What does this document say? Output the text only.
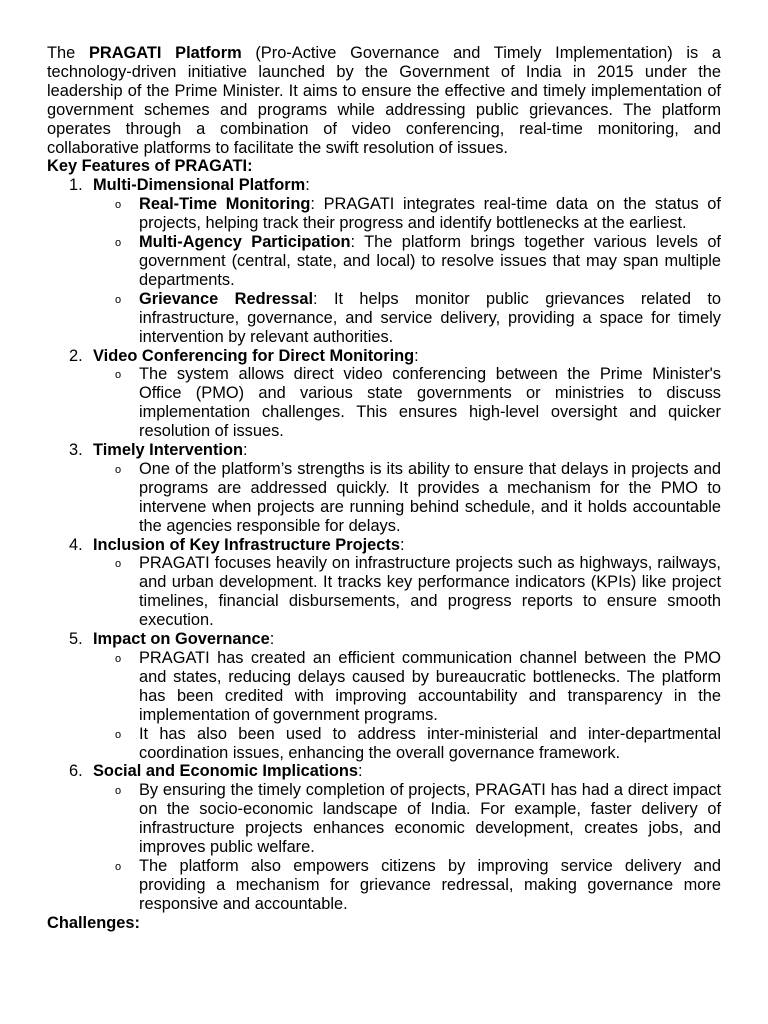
The PRAGATI Platform (Pro-Active Governance and Timely Implementation) is a technology-driven initiative launched by the Government of India in 2015 under the leadership of the Prime Minister. It aims to ensure the effective and timely implementation of government schemes and programs while addressing public grievances. The platform operates through a combination of video conferencing, real-time monitoring, and collaborative platforms to facilitate the swift resolution of issues.

Key Features of PRAGATI:

1. Multi-Dimensional Platform:
o Real-Time Monitoring: PRAGATI integrates real-time data on the status of projects, helping track their progress and identify bottlenecks at the earliest.
o Multi-Agency Participation: The platform brings together various levels of government (central, state, and local) to resolve issues that may span multiple departments.
o Grievance Redressal: It helps monitor public grievances related to infrastructure, governance, and service delivery, providing a space for timely intervention by relevant authorities.
2. Video Conferencing for Direct Monitoring:
o The system allows direct video conferencing between the Prime Minister's Office (PMO) and various state governments or ministries to discuss implementation challenges. This ensures high-level oversight and quicker resolution of issues.
3. Timely Intervention:
o One of the platform’s strengths is its ability to ensure that delays in projects and programs are addressed quickly. It provides a mechanism for the PMO to intervene when projects are running behind schedule, and it holds accountable the agencies responsible for delays.
4. Inclusion of Key Infrastructure Projects:
o PRAGATI focuses heavily on infrastructure projects such as highways, railways, and urban development. It tracks key performance indicators (KPIs) like project timelines, financial disbursements, and progress reports to ensure smooth execution.
5. Impact on Governance:
o PRAGATI has created an efficient communication channel between the PMO and states, reducing delays caused by bureaucratic bottlenecks. The platform has been credited with improving accountability and transparency in the implementation of government programs.
o It has also been used to address inter-ministerial and inter-departmental coordination issues, enhancing the overall governance framework.
6. Social and Economic Implications:
o By ensuring the timely completion of projects, PRAGATI has had a direct impact on the socio-economic landscape of India. For example, faster delivery of infrastructure projects enhances economic development, creates jobs, and improves public welfare.
o The platform also empowers citizens by improving service delivery and providing a mechanism for grievance redressal, making governance more responsive and accountable.

Challenges:
